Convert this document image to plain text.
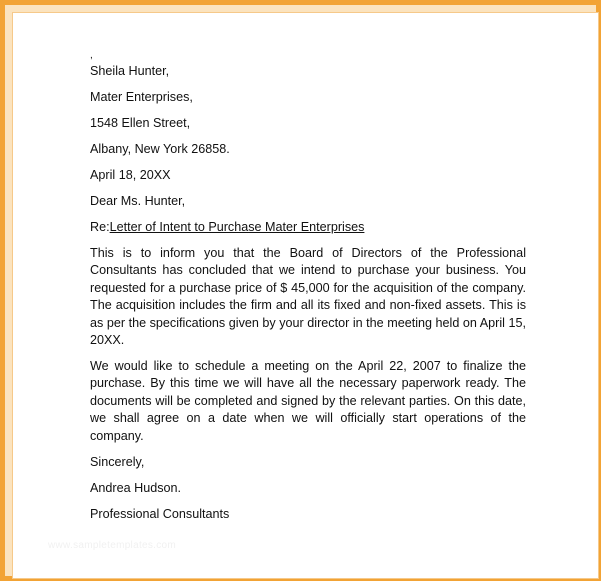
,
Sheila Hunter,
Mater Enterprises,
1548 Ellen Street,
Albany, New York 26858.
April 18, 20XX
Dear Ms. Hunter,
Re:Letter of Intent to Purchase Mater Enterprises

This is to inform you that the Board of Directors of the Professional Consultants has concluded that we intend to purchase your business. You requested for a purchase price of $ 45,000 for the acquisition of the company. The acquisition includes the firm and all its fixed and non-fixed assets. This is as per the specifications given by your director in the meeting held on April 15, 20XX.

We would like to schedule a meeting on the April 22, 2007 to finalize the purchase. By this time we will have all the necessary paperwork ready. The documents will be completed and signed by the relevant parties. On this date, we shall agree on a date when we will officially start operations of the company.

Sincerely,
Andrea Hudson.
Professional Consultants
www.sampletemplates.com
